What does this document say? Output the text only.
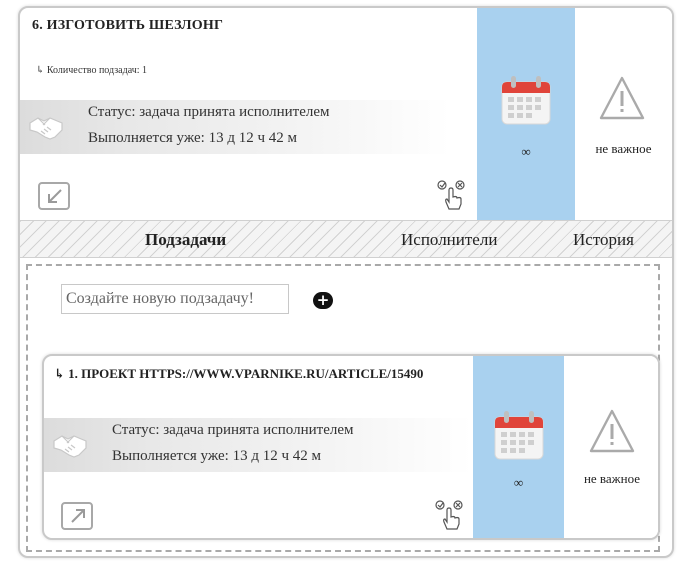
6. ИЗГОТОВИТЬ ШЕЗЛОНГ
↳ Количество подзадач: 1
Статус: задача принята исполнителем
Выполняется уже: 13 д 12 ч 42 м
∞	не важное
Подзадачи	Исполнители	История
Создайте новую подзадачу!
+
↳ 1. ПРОЕКТ HTTPS://WWW.VPARNIKE.RU/ARTICLE/15490
Статус: задача принята исполнителем
Выполняется уже: 13 д 12 ч 42 м
∞	не важное
